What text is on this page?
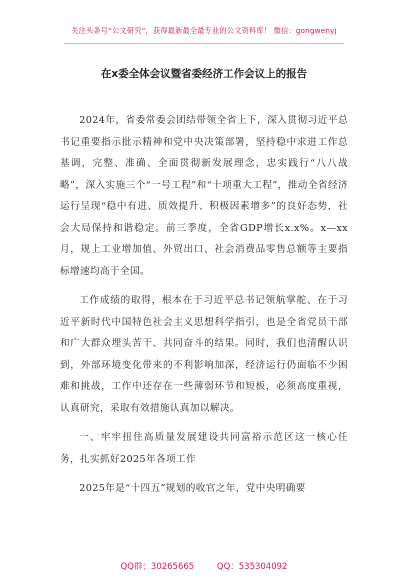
关注头条号“公文研究”，获得最新最全最专业的公文资料库！ 微信：gongwenyj
在x委全体会议暨省委经济工作会议上的报告

2024年，省委常委会团结带领全省上下，深入贯彻习近平总书记重要指示批示精神和党中央决策部署，坚持稳中求进工作总基调，完整、准确、全面贯彻新发展理念，忠实践行“八八战略”，深入实施三个“一号工程”和“十项重大工程”，推动全省经济运行呈现“稳中有进、质效提升、积极因素增多”的良好态势，社会大局保持和谐稳定。前三季度，全省GDP增长x.x%。x—xx月，规上工业增加值、外贸出口、社会消费品零售总额等主要指标增速均高于全国。

工作成绩的取得，根本在于习近平总书记领航掌舵、在于习近平新时代中国特色社会主义思想科学指引，也是全省党员干部和广大群众埋头苦干、共同奋斗的结果。同时，我们也清醒认识到，外部环境变化带来的不利影响加深，经济运行仍面临不少困难和挑战，工作中还存在一些薄弱环节和短板，必须高度重视，认真研究，采取有效措施认真加以解决。

一、牢牢扭住高质量发展建设共同富裕示范区这一核心任务，扎实抓好2025年各项工作

2025年是“十四五”规划的收官之年，党中央明确要

QQ群：30265665	QQ：535304092
